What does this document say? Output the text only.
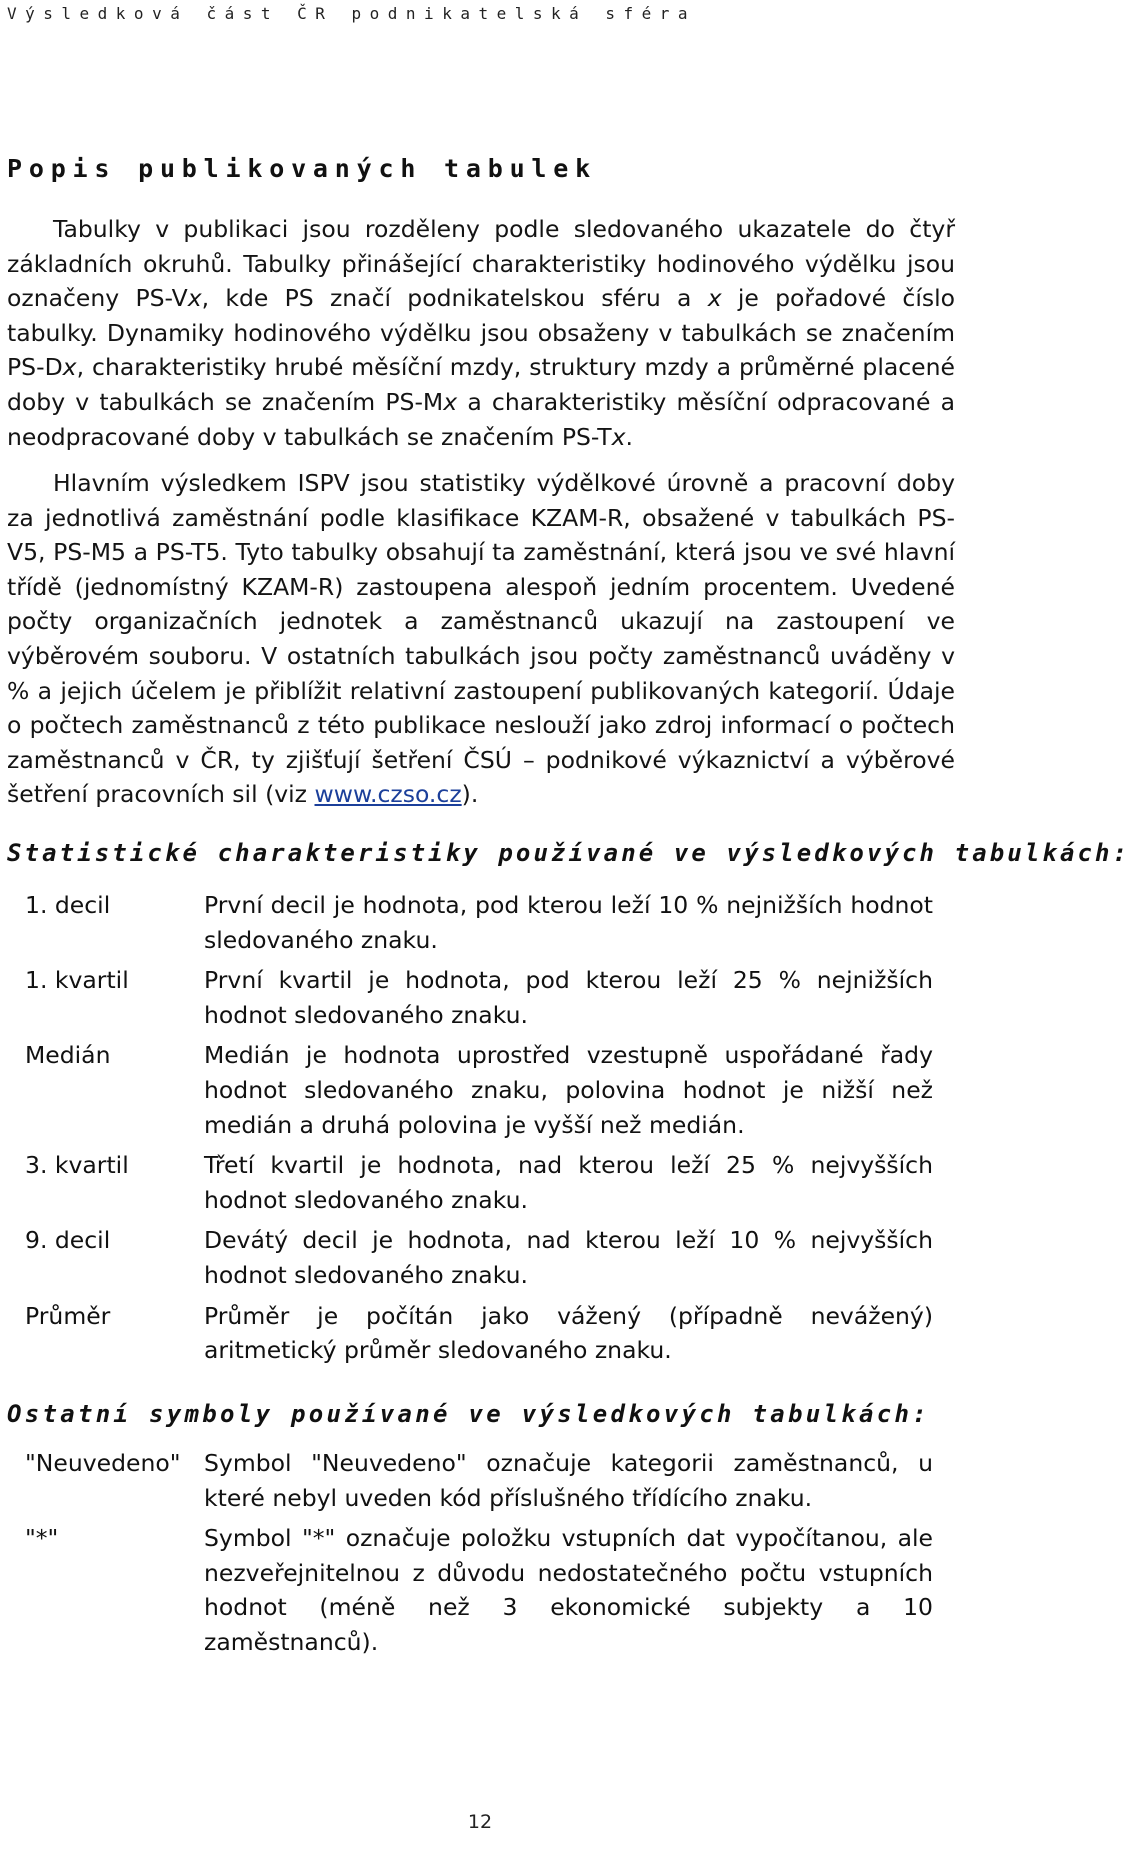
Výsledková část ČR podnikatelská sféra
Popis publikovaných tabulek
Tabulky v publikaci jsou rozděleny podle sledovaného ukazatele do čtyř základních okruhů. Tabulky přinášející charakteristiky hodinového výdělku jsou označeny PS-Vx, kde PS značí podnikatelskou sféru a x je pořadové číslo tabulky. Dynamiky hodinového výdělku jsou obsaženy v tabulkách se značením PS-Dx, charakteristiky hrubé měsíční mzdy, struktury mzdy a průměrné placené doby v tabulkách se značením PS-Mx a charakteristiky měsíční odpracované a neodpracované doby v tabulkách se značením PS-Tx.
Hlavním výsledkem ISPV jsou statistiky výdělkové úrovně a pracovní doby za jednotlivá zaměstnání podle klasifikace KZAM-R, obsažené v tabulkách PS-V5, PS-M5 a PS-T5. Tyto tabulky obsahují ta zaměstnání, která jsou ve své hlavní třídě (jednomístný KZAM-R) zastoupena alespoň jedním procentem. Uvedené počty organizačních jednotek a zaměstnanců ukazují na zastoupení ve výběrovém souboru. V ostatních tabulkách jsou počty zaměstnanců uváděny v % a jejich účelem je přiblížit relativní zastoupení publikovaných kategorií. Údaje o počtech zaměstnanců z této publikace neslouží jako zdroj informací o počtech zaměstnanců v ČR, ty zjišťují šetření ČSÚ – podnikové výkaznictví a výběrové šetření pracovních sil (viz www.czso.cz).
Statistické charakteristiky používané ve výsledkových tabulkách:
1. decil	První decil je hodnota, pod kterou leží 10 % nejnižších hodnot sledovaného znaku.
1. kvartil	První kvartil je hodnota, pod kterou leží 25 % nejnižších hodnot sledovaného znaku.
Medián	Medián je hodnota uprostřed vzestupně uspořádané řady hodnot sledovaného znaku, polovina hodnot je nižší než medián a druhá polovina je vyšší než medián.
3. kvartil	Třetí kvartil je hodnota, nad kterou leží 25 % nejvyšších hodnot sledovaného znaku.
9. decil	Devátý decil je hodnota, nad kterou leží 10 % nejvyšších hodnot sledovaného znaku.
Průměr	Průměr je počítán jako vážený (případně nevážený) aritmetický průměr sledovaného znaku.
Ostatní symboly používané ve výsledkových tabulkách:
"Neuvedeno" Symbol "Neuvedeno" označuje kategorii zaměstnanců, u které nebyl uveden kód příslušného třídícího znaku.
"*"	Symbol "*" označuje položku vstupních dat vypočítanou, ale nezveřejnitelnou z důvodu nedostatečného počtu vstupních hodnot (méně než 3 ekonomické subjekty a 10 zaměstnanců).
12
